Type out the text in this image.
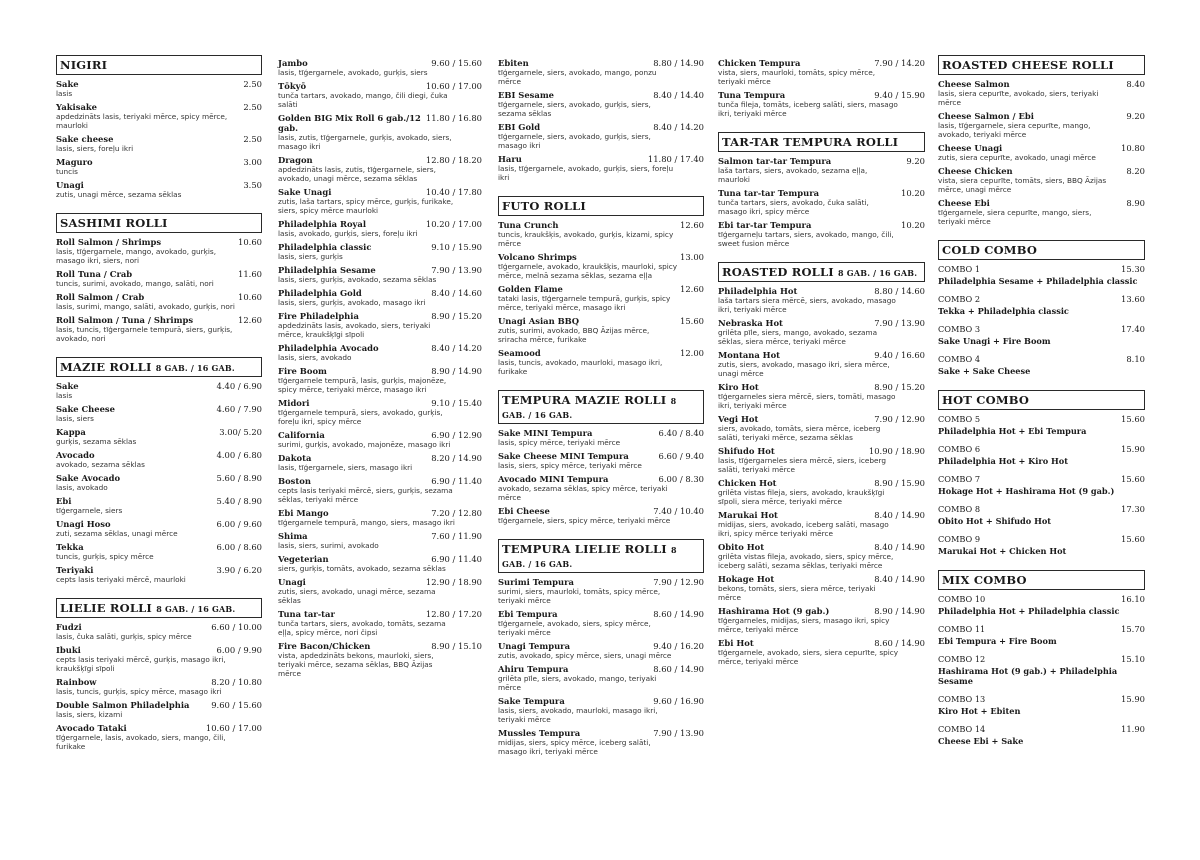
NIGIRI
Sake	2.50
lasis
Yakisake	2.50
apdedzināts lasis, teriyaki mērce, spicy mērce, maurloki
Sake cheese	2.50
lasis, siers, foreļu ikri
Maguro	3.00
tuncis
Unagi	3.50
zutis, unagi mērce, sezama sēklas
SASHIMI ROLLI
Roll Salmon / Shrimps	10.60
lasis, tīģergarnele, mango, avokado, gurķis, masago ikri, siers, nori
Roll Tuna / Crab	11.60
tuncis, surimi, avokado, mango, salāti, nori
Roll Salmon / Crab	10.60
lasis, surimi, mango, salāti, avokado, gurķis, nori
Roll Salmon / Tuna / Shrimps	12.60
lasis, tuncis, tīģergarnele tempurā, siers, gurķis, avokado, nori
MAZIE ROLLI 8 GAB. / 16 GAB.
Sake	4.40 / 6.90
lasis
Sake Cheese	4.60 / 7.90
lasis, siers
Kappa	3.00/ 5.20
gurķis, sezama sēklas
Avocado	4.00 / 6.80
avokado, sezama sēklas
Sake Avocado	5.60 / 8.90
lasis, avokado
Ebi	5.40 / 8.90
tīģergarnele, siers
Unagi Hoso	6.00 / 9.60
zuti, sezama sēklas, unagi mērce
Tekka	6.00 / 8.60
tuncis, gurķis, spicy mērce
Teriyaki	3.90 / 6.20
cepts lasis teriyaki mērcē, maurloki
LIELIE ROLLI 8 GAB. / 16 GAB.
Fudzi	6.60 / 10.00
lasis, čuka salāti, gurķis, spicy mērce
Ibuki	6.00 / 9.90
cepts lasis teriyaki mērcē, gurķis, masago ikri, kraukšķīgi sīpoli
Rainbow	8.20 / 10.80
lasis, tuncis, gurķis, spicy mērce, masago ikri
Double Salmon Philadelphia	9.60 / 15.60
lasis, siers, kizami
Avocado Tataki	10.60 / 17.00
tīģergarnele, lasis, avokado, siers, mango, čili, furikake
Jambo	9.60 / 15.60
lasis, tīģergarnele, avokado, gurķis, siers
Tōkyō	10.60 / 17.00
tunča tartars, avokado, mango, čili diegi, čuka salāti
Golden BIG Mix Roll 6 gab./12 gab.
11.80 / 16.80
lasis, zutis, tīģergarnele, gurķis, avokado, siers, masago ikri
Dragon	12.80 / 18.20
apdedzināts lasis, zutis, tīģergarnele, siers, avokado, unagi mērce, sezama sēklas
Sake Unagi	10.40 / 17.80
zutis, laša tartars, spicy mērce, gurķis, furikake, siers, spicy mērce maurloki
Philadelphia Royal	10.20 / 17.00
lasis, avokado, gurķis, siers, foreļu ikri
Philadelphia classic	9.10 / 15.90
lasis, siers, gurķis
Philadelphia Sesame	7.90 / 13.90
lasis, siers, gurķis, avokado, sezama sēklas
Philadelphia Gold	8.40 / 14.60
lasis, siers, gurķis, avokado, masago ikri
Fire Philadelphia	8.90 / 15.20
apdedzināts lasis, avokado, siers, teriyaki mērce, kraukšķīgi sīpoli
Philadelphia Avocado	8.40 / 14.20
lasis, siers, avokado
Fire Boom	8.90 / 14.90
tīģergarnele tempurā, lasis, gurķis, majonēze, spicy mērce, teriyaki mērce, masago ikri
Midori	9.10 / 15.40
tīģergarnele tempurā, siers, avokado, gurķis, foreļu ikri, spicy mērce
California	6.90 / 12.90
surimi, gurķis, avokado, majonēze, masago ikri
Dakota	8.20 / 14.90
lasis, tīģergarnele, siers, masago ikri
Boston	6.90 / 11.40
cepts lasis teriyaki mērcē, siers, gurķis, sezama sēklas, teriyaki mērce
Ebi Mango	7.20 / 12.80
tīģergarnele tempurā, mango, siers, masago ikri
Shima	7.60 / 11.90
lasis, siers, surimi, avokado
Vegeterian	6.90 / 11.40
siers, gurķis, tomāts, avokado, sezama sēklas
Unagi	12.90 / 18.90
zutis, siers, avokado, unagi mērce, sezama sēklas
Tuna tar-tar	12.80 / 17.20
tunča tartars, siers, avokado, tomāts, sezama eļļa, spicy mērce, nori čipsi
Fire Bacon/Chicken	8.90 / 15.10
vista, apdedzināts bekons, maurloki, siers, teriyaki mērce, sezama sēklas, BBQ Āzijas mērce
Ebiten	8.80 / 14.90
tīģergarnele, siers, avokado, mango, ponzu mērce
EBI Sesame	8.40 / 14.40
tīģergarnele, siers, avokado, gurķis, siers, sezama sēklas
EBI Gold	8.40 / 14.20
tīģergarnele, siers, avokado, gurķis, siers, masago ikri
Haru	11.80 / 17.40
lasis, tīģergarnele, avokado, gurķis, siers, foreļu ikri
FUTO ROLLI
Tuna Crunch	12.60
tuncis, kraukšķis, avokado, gurķis, kizami, spicy mērce
Volcano Shrimps	13.00
tīģergarnele, avokado, kraukšķis, maurloki, spicy mērce, melnā sezama sēklas, sezama eļļa
Golden Flame	12.60
tataki lasis, tīģergarnele tempurā, gurķis, spicy mērce, teriyaki mērce, masago ikri
Unagi Asian BBQ	15.60
zutis, surimi, avokado, BBQ Āzijas mērce, sriracha mērce, furikake
Seamood	12.00
lasis, tuncis, avokado, maurloki, masago ikri, furikake
TEMPURA MAZIE ROLLI 8 GAB. / 16 GAB.
Sake MINI Tempura	6.40 / 8.40
lasis, spicy mērce, teriyaki mērce
Sake Cheese MINI Tempura	6.60 / 9.40
lasis, siers, spicy mērce, teriyaki mērce
Avocado MINI Tempura	6.00 / 8.30
avokado, sezama sēklas, spicy mērce, teriyaki mērce
Ebi Cheese	7.40 / 10.40
tīģergarnele, siers, spicy mērce, teriyaki mērce
TEMPURA LIELIE ROLLI 8 GAB. / 16 GAB.
Surimi Tempura	7.90 / 12.90
surimi, siers, maurloki, tomāts, spicy mērce, teriyaki mērce
Ebi Tempura	8.60 / 14.90
tīģergarnele, avokado, siers, spicy mērce, teriyaki mērce
Unagi Tempura	9.40 / 16.20
zutis, avokado, spicy mērce, siers, unagi mērce
Ahiru Tempura	8.60 / 14.90
grilēta pīle, siers, avokado, mango, teriyaki mērce
Sake Tempura	9.60 / 16.90
lasis, siers, avokado, maurloki, masago ikri, teriyaki mērce
Mussles Tempura	7.90 / 13.90
midijas, siers, spicy mērce, iceberg salāti, masago ikri, teriyaki mērce
Chicken Tempura	7.90 / 14.20
vista, siers, maurloki, tomāts, spicy mērce, teriyaki mērce
Tuna Tempura	9.40 / 15.90
tunča fileja, tomāts, iceberg salāti, siers, masago ikri, teriyaki mērce
TAR-TAR TEMPURA ROLLI
Salmon tar-tar Tempura	9.20
laša tartars, siers, avokado, sezama eļļa, maurloki
Tuna tar-tar Tempura	10.20
tunča tartars, siers, avokado, čuka salāti, masago ikri, spicy mērce
Ebi tar-tar Tempura	10.20
tīģergarneļu tartars, siers, avokado, mango, čili, sweet fusion mērce
ROASTED ROLLI 8 GAB. / 16 GAB.
Philadelphia Hot	8.80 / 14.60
laša tartars siera mērcē, siers, avokado, masago ikri, teriyaki mērce
Nebraska Hot	7.90 / 13.90
grilēta pīle, siers, mango, avokado, sezama sēklas, siera mērce, teriyaki mērce
Montana Hot	9.40 / 16.60
zutis, siers, avokado, masago ikri, siera mērce, unagi mērce
Kiro Hot	8.90 / 15.20
tīģergarneles siera mērcē, siers, tomāti, masago ikri, teriyaki mērce
Vegi Hot	7.90 / 12.90
siers, avokado, tomāts, siera mērce, iceberg salāti, teriyaki mērce, sezama sēklas
Shifudo Hot	10.90 / 18.90
lasis, tīģergarneles siera mērcē, siers, iceberg salāti, teriyaki mērce
Chicken Hot	8.90 / 15.90
grilēta vistas fileja, siers, avokado, kraukšķīgi sīpoli, siera mērce, teriyaki mērce
Marukai Hot	8.40 / 14.90
midijas, siers, avokado, iceberg salāti, masago ikri, spicy mērce teriyaki mērce
Obito Hot	8.40 / 14.90
grilēta vistas fileja, avokado, siers, spicy mērce, iceberg salāti, sezama sēklas, teriyaki mērce
Hokage Hot	8.40 / 14.90
bekons, tomāts, siers, siera mērce, teriyaki mērce
Hashirama Hot (9 gab.)	8.90 / 14.90
tīģergarneles, midijas, siers, masago ikri, spicy mērce, teriyaki mērce
Ebi Hot	8.60 / 14.90
tīģergarnele, avokado, siers, siera cepurīte, spicy mērce, teriyaki mērce
ROASTED CHEESE ROLLI
Cheese Salmon	8.40
lasis, siera cepurīte, avokado, siers, teriyaki mērce
Cheese Salmon / Ebi	9.20
lasis, tīģergarnele, siera cepurīte, mango, avokado, teriyaki mērce
Cheese Unagi	10.80
zutis, siera cepurīte, avokado, unagi mērce
Cheese Chicken	8.20
vista, siera cepurīte, tomāts, siers, BBQ Āzijas mērce, unagi mērce
Cheese Ebi	8.90
tīģergarnele, siera cepurīte, mango, siers, teriyaki mērce
COLD COMBO
COMBO 1	15.30
Philadelphia Sesame + Philadelphia classic
COMBO 2	13.60
Tekka + Philadelphia classic
COMBO 3	17.40
Sake Unagi + Fire Boom
COMBO 4	8.10
Sake + Sake Cheese
HOT COMBO
COMBO 5	15.60
Philadelphia Hot + Ebi Tempura
COMBO 6	15.90
Philadelphia Hot + Kiro Hot
COMBO 7	15.60
Hokage Hot + Hashirama Hot (9 gab.)
COMBO 8	17.30
Obito Hot + Shifudo Hot
COMBO 9	15.60
Marukai Hot + Chicken Hot
MIX COMBO
COMBO 10	16.10
Philadelphia Hot + Philadelphia classic
COMBO 11	15.70
Ebi Tempura + Fire Boom
COMBO 12	15.10
Hashirama Hot (9 gab.) + Philadelphia Sesame
COMBO 13	15.90
Kiro Hot + Ebiten
COMBO 14	11.90
Cheese Ebi + Sake
